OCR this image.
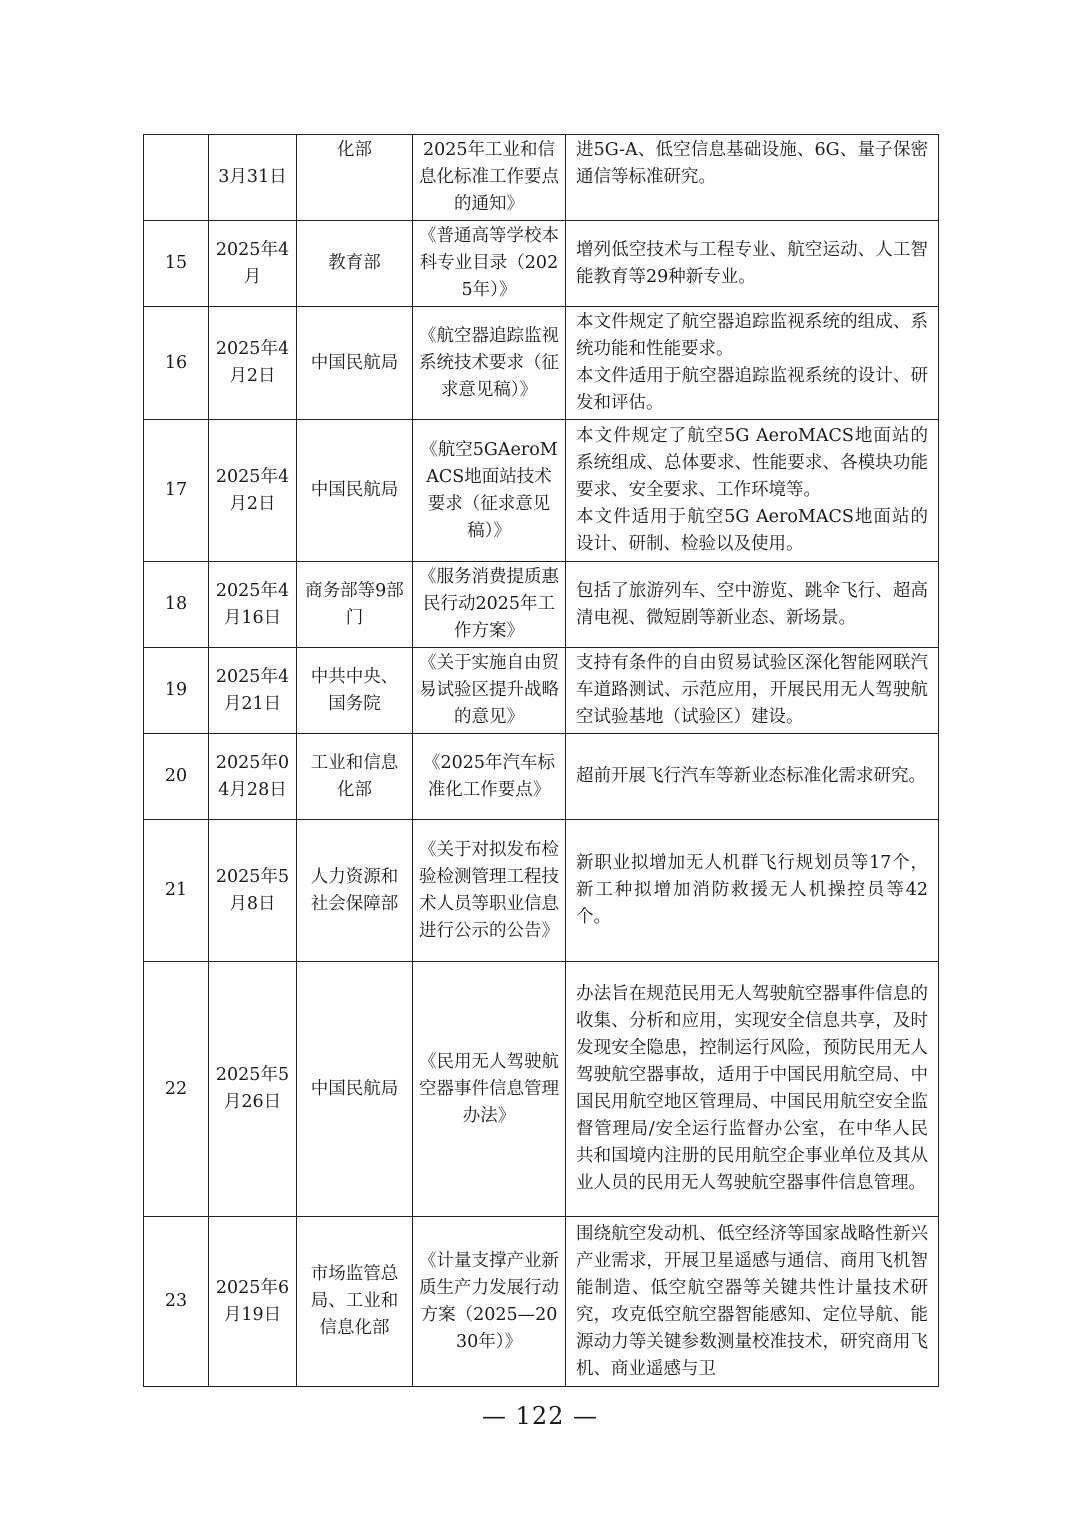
	3月31日	化部	2025年工业和信息化标准工作要点的通知》	进5G-A、低空信息基础设施、6G、量子保密通信等标准研究。

15	2025年4月	教育部	《普通高等学校本科专业目录（2025年）》	增列低空技术与工程专业、航空运动、人工智能教育等29种新专业。

16	2025年4月2日	中国民航局	《航空器追踪监视系统技术要求（征求意见稿）》	本文件规定了航空器追踪监视系统的组成、系统功能和性能要求。

本文件适用于航空器追踪监视系统的设计、研发和评估。

17	2025年4月2日	中国民航局	《航空5GAeroMACS地面站技术要求（征求意见稿）》	本文件规定了航空5G AeroMACS地面站的系统组成、总体要求、性能要求、各模块功能要求、安全要求、工作环境等。

本文件适用于航空5G AeroMACS地面站的设计、研制、检验以及使用。

18	2025年4月16日	商务部等9部门	《服务消费提质惠民行动2025年工作方案》	包括了旅游列车、空中游览、跳伞飞行、超高清电视、微短剧等新业态、新场景。

19	2025年4月21日	中共中央、国务院	《关于实施自由贸易试验区提升战略的意见》	支持有条件的自由贸易试验区深化智能网联汽车道路测试、示范应用，开展民用无人驾驶航空试验基地（试验区）建设。

20	2025年04月28日	工业和信息化部	《2025年汽车标准化工作要点》	超前开展飞行汽车等新业态标准化需求研究。

21	2025年5月8日	人力资源和社会保障部	《关于对拟发布检验检测管理工程技术人员等职业信息进行公示的公告》	新职业拟增加无人机群飞行规划员等17个，新工种拟增加消防救援无人机操控员等42个。

22	2025年5月26日	中国民航局	《民用无人驾驶航空器事件信息管理办法》	办法旨在规范民用无人驾驶航空器事件信息的收集、分析和应用，实现安全信息共享，及时发现安全隐患，控制运行风险，预防民用无人驾驶航空器事故，适用于中国民用航空局、中国民用航空地区管理局、中国民用航空安全监督管理局/安全运行监督办公室，在中华人民共和国境内注册的民用航空企事业单位及其从业人员的民用无人驾驶航空器事件信息管理。

23	2025年6月19日	市场监管总局、工业和信息化部	《计量支撑产业新质生产力发展行动方案（2025—2030年）》	围绕航空发动机、低空经济等国家战略性新兴产业需求，开展卫星遥感与通信、商用飞机智能制造、低空航空器等关键共性计量技术研究，攻克低空航空器智能感知、定位导航、能源动力等关键参数测量校准技术，研究商用飞机、商业遥感与卫

— 122 —
